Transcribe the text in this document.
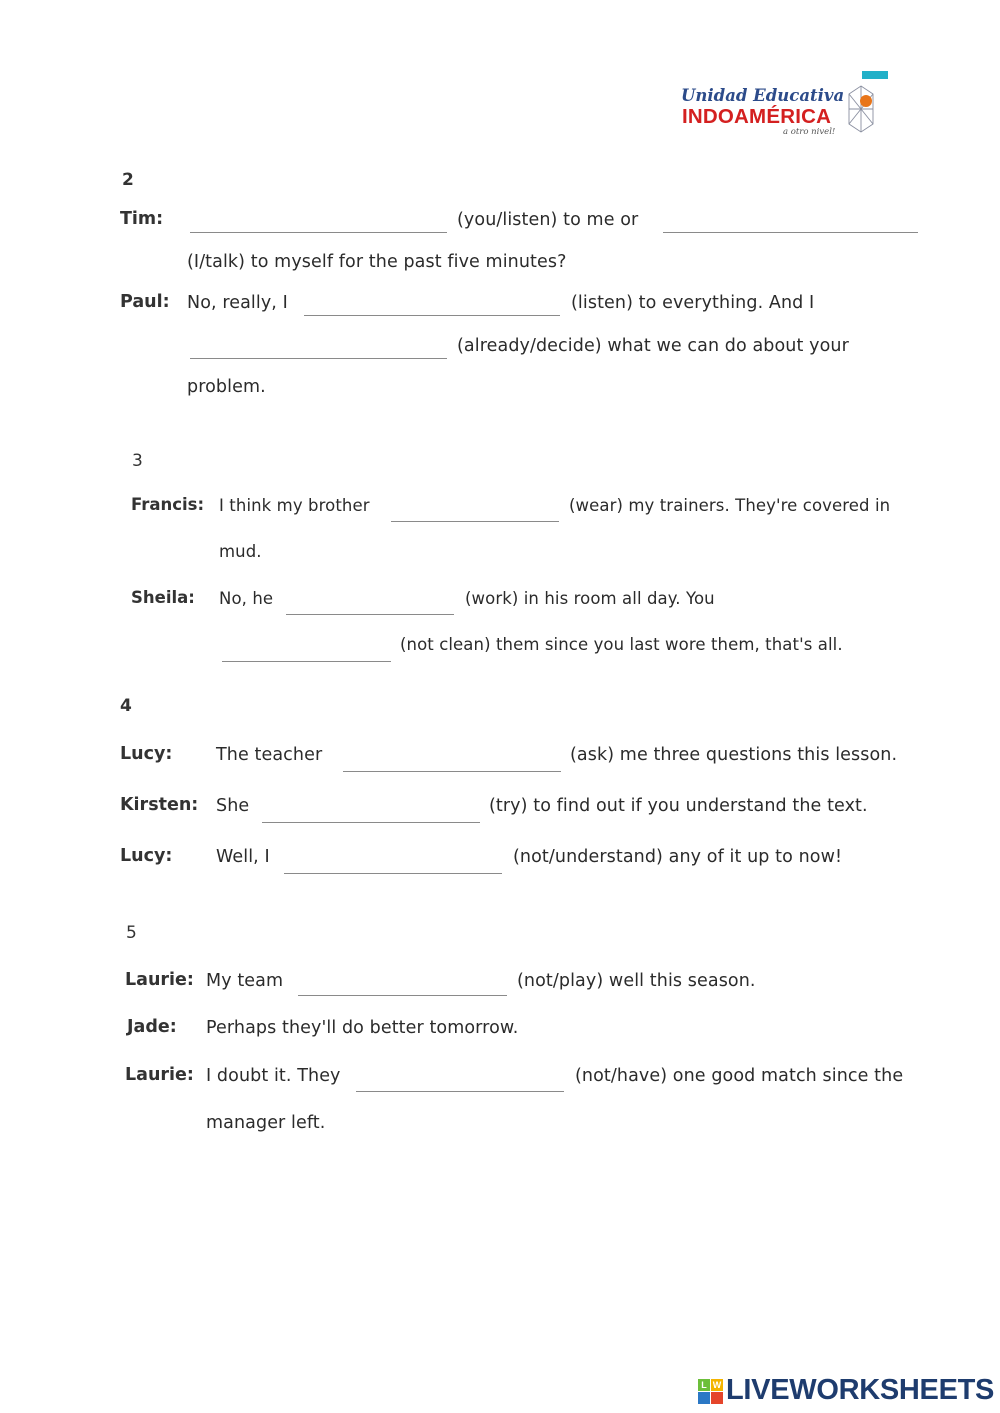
Unidad Educativa
INDOAMÉRICA
a otro nivel!
2
Tim:	(you/listen) to me or
(I/talk) to myself for the past five minutes?
Paul: No, really, I	(listen) to everything. And I
(already/decide) what we can do about your
problem.
3
Francis: I think my brother	(wear) my trainers. They're covered in
mud.
Sheila: No, he	(work) in his room all day. You
(not clean) them since you last wore them, that's all.
4
Lucy: The teacher	(ask) me three questions this lesson.
Kirsten: She	(try) to find out if you understand the text.
Lucy: Well, I	(not/understand) any of it up to now!
5
Laurie: My team	(not/play) well this season.
Jade: Perhaps they'll do better tomorrow.
Laurie: I doubt it. They	(not/have) one good match since the
manager left.
L W LIVEWORKSHEETS
